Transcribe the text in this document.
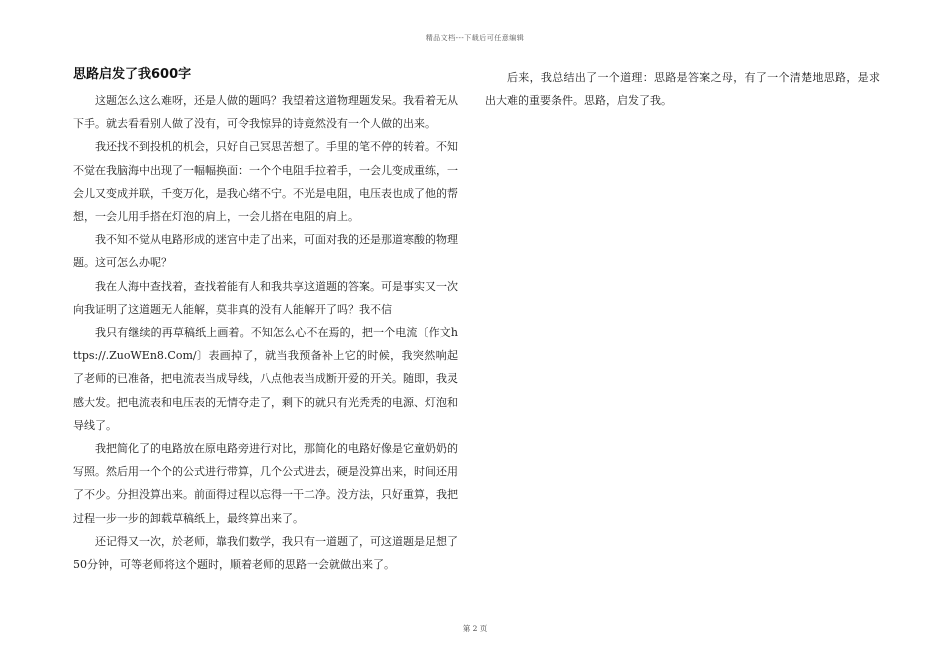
精品文档---下载后可任意编辑
思路启发了我600字

这题怎么这么难呀，还是人做的题吗？我望着这道物理题发呆。我看着无从下手。就去看看别人做了没有，可令我惊异的诗竟然没有一个人做的出来。

我还找不到投机的机会，只好自己冥思苦想了。手里的笔不停的转着。不知不觉在我脑海中出现了一幅幅换面：一个个电阻手拉着手，一会儿变成重练，一会儿又变成并联，千变万化，是我心绪不宁。不光是电阻，电压表也成了他的帮想，一会儿用手搭在灯泡的肩上，一会儿搭在电阻的肩上。

我不知不觉从电路形成的迷宫中走了出来，可面对我的还是那道寒酸的物理题。这可怎么办呢？

我在人海中查找着，查找着能有人和我共享这道题的答案。可是事实又一次向我证明了这道题无人能解，莫非真的没有人能解开了吗？我不信

我只有继续的再草稿纸上画着。不知怎么心不在焉的，把一个电流〔作文https://.ZuoWEn8.Com/〕表画掉了，就当我预备补上它的时候，我突然响起了老师的已准备，把电流表当成导线，八点他表当成断开爱的开关。随即，我灵感大发。把电流表和电压表的无情夺走了，剩下的就只有光秃秃的电源、灯泡和导线了。

我把简化了的电路放在原电路旁进行对比，那简化的电路好像是它童奶奶的写照。然后用一个个的公式进行带算，几个公式进去，硬是没算出来，时间还用了不少。分担没算出来。前面得过程以忘得一干二净。没方法，只好重算，我把过程一步一步的卸载草稿纸上，最终算出来了。

还记得又一次，於老师，靠我们数学，我只有一道题了，可这道题是足想了50分钟，可等老师将这个题时，顺着老师的思路一会就做出来了。

后来，我总结出了一个道理：思路是答案之母，有了一个清楚地思路，是求出大难的重要条件。思路，启发了我。

第 2 页
